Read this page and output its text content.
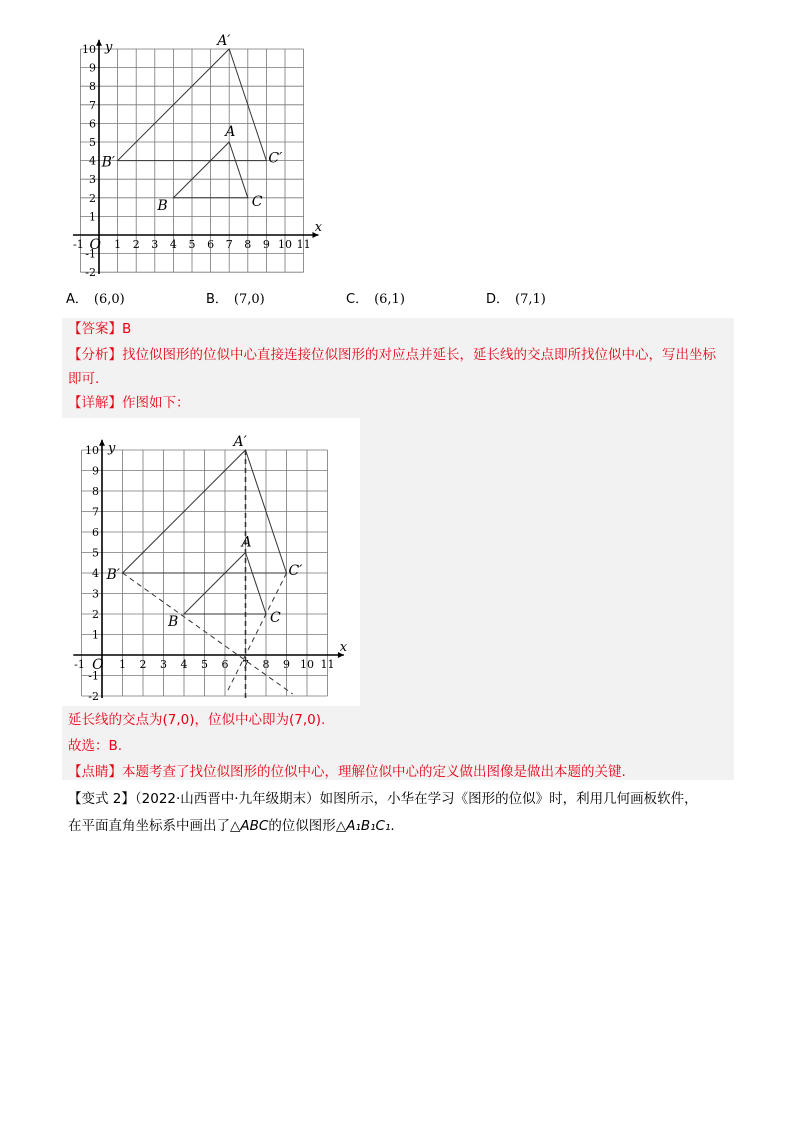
-1	1 2 3 4 5 6 7 8 9 10 11
10
9
8
7
6
5
4
3
2
1
-1
-2
x
y
O
A
B	C
A′
B′	C′
A． (6,0)	B． (7,0)	C． (6,1)	D． (7,1)
【答案】B
【分析】找位似图形的位似中心直接连接位似图形的对应点并延长，延长线的交点即所找位似中心，写出坐标即可.
【详解】作图如下：
-1	1 2 3 4 5 6 7 8 9 10 11
10
9
8
7
6
5
4
3
2
1
-1
-2
x
y
O
A
B	C
A′
B′	C′
延长线的交点为(7,0)，位似中心即为(7,0).
故选：B.
【点睛】本题考查了找位似图形的位似中心，理解位似中心的定义做出图像是做出本题的关键.
【变式 2】（2022·山西晋中·九年级期末）如图所示，小华在学习《图形的位似》时，利用几何画板软件，
在平面直角坐标系中画出了△ABC的位似图形△A₁B₁C₁.
